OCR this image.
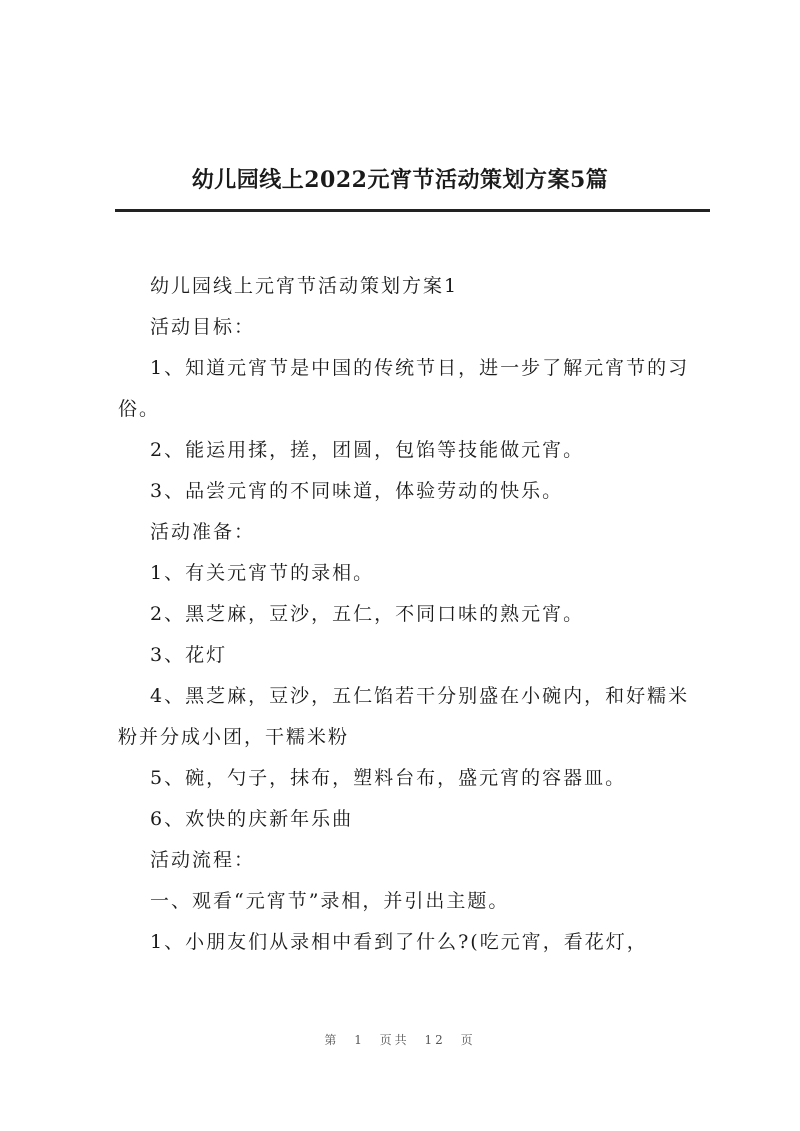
幼儿园线上2022元宵节活动策划方案5篇

幼儿园线上元宵节活动策划方案1

活动目标：

1、知道元宵节是中国的传统节日，进一步了解元宵节的习俗。

2、能运用揉，搓，团圆，包馅等技能做元宵。

3、品尝元宵的不同味道，体验劳动的快乐。

活动准备：

1、有关元宵节的录相。

2、黑芝麻，豆沙，五仁，不同口味的熟元宵。

3、花灯

4、黑芝麻，豆沙，五仁馅若干分别盛在小碗内，和好糯米粉并分成小团，干糯米粉

5、碗，勺子，抹布，塑料台布，盛元宵的容器皿。

6、欢快的庆新年乐曲

活动流程：

一、观看“元宵节”录相，并引出主题。

1、小朋友们从录相中看到了什么?(吃元宵，看花灯，

第 1 页共 12 页
